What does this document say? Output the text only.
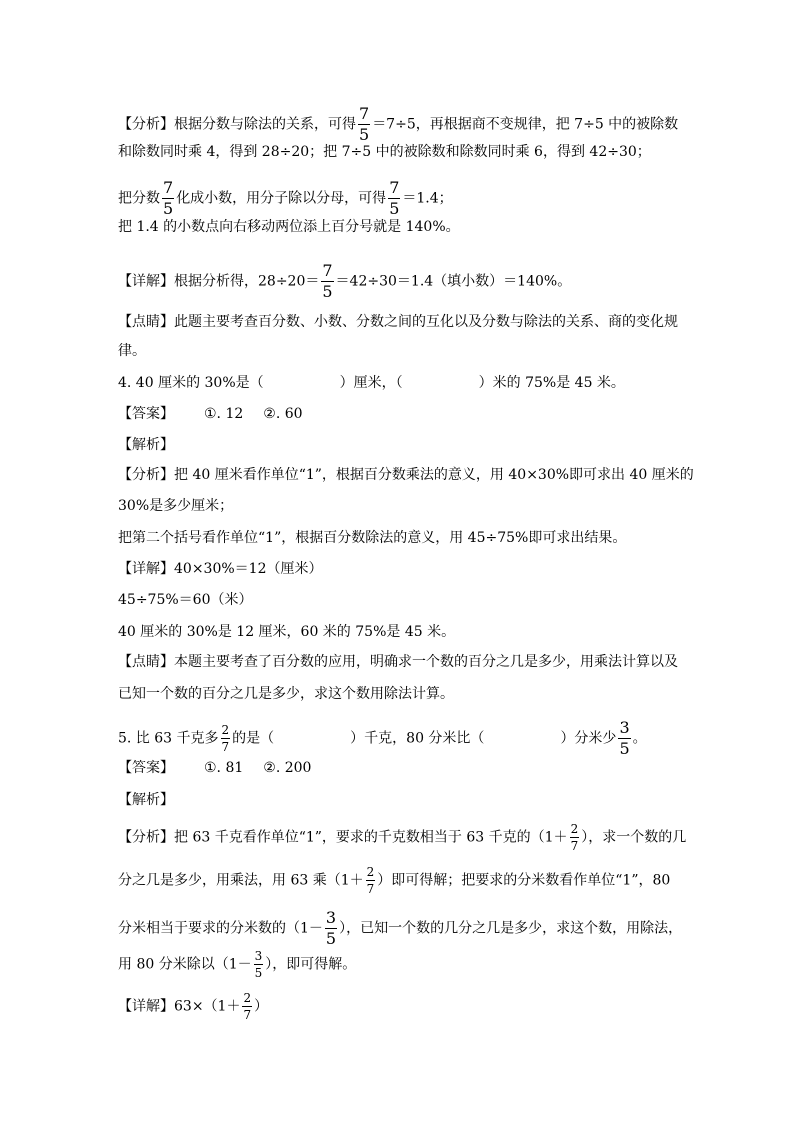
【分析】根据分数与除法的关系，可得 $\frac{7}{5} =7\div 5$，再根据商不变规律，把 7÷5 中的被除数
和除数同时乘 4，得到 28÷20；把 7÷5 中的被除数和除数同时乘 6，得到 42÷30；
把分数 $\frac{7}{5}$ 化成小数，用分子除以分母，可得 $\frac{7}{5} =1.4$；
把 1.4 的小数点向右移动两位添上百分号就是 140%。
【详解】根据分析得，$28\div 20= \frac{7}{5} =42\div 30=1.4$（填小数）＝140%。
【点睛】此题主要考查百分数、小数、分数之间的互化以及分数与除法的关系、商的变化规
律。
4. 40 厘米的 30%是（	）厘米，（	）米的 75%是 45 米。
【答案】 ①. 12 ②. 60
【解析】
【分析】把 40 厘米看作单位“1”，根据百分数乘法的意义，用 40×30%即可求出 40 厘米的
30%是多少厘米；
把第二个括号看作单位“1”，根据百分数除法的意义，用 45÷75%即可求出结果。
【详解】40×30%＝12（厘米）
45÷75%＝60（米）
40 厘米的 30%是 12 厘米，60 米的 75%是 45 米。
【点睛】本题主要考查了百分数的应用，明确求一个数的百分之几是多少，用乘法计算以及
已知一个数的百分之几是多少，求这个数用除法计算。
5. 比 63 千克多 $\frac{2}{7}$ 的是（	）千克，80 分米比（	）分米少 $\frac{3}{5}$ 。
【答案】 ①. 81 ②. 200
【解析】
【分析】把 63 千克看作单位“1”，要求的千克数相当于 63 千克的（$1+ \frac{2}{7}$ ），求一个数的几
分之几是多少，用乘法，用 63 乘（$1+ \frac{2}{7}$ ）即可得解；把要求的分米数看作单位“1”，80
分米相当于要求的分米数的（$1- \frac{3}{5}$ ），已知一个数的几分之几是多少，求这个数，用除法，
用 80 分米除以（$1- \frac{3}{5}$ ），即可得解。
【详解】$63\times(1+ \frac{2}{7}$ ）
